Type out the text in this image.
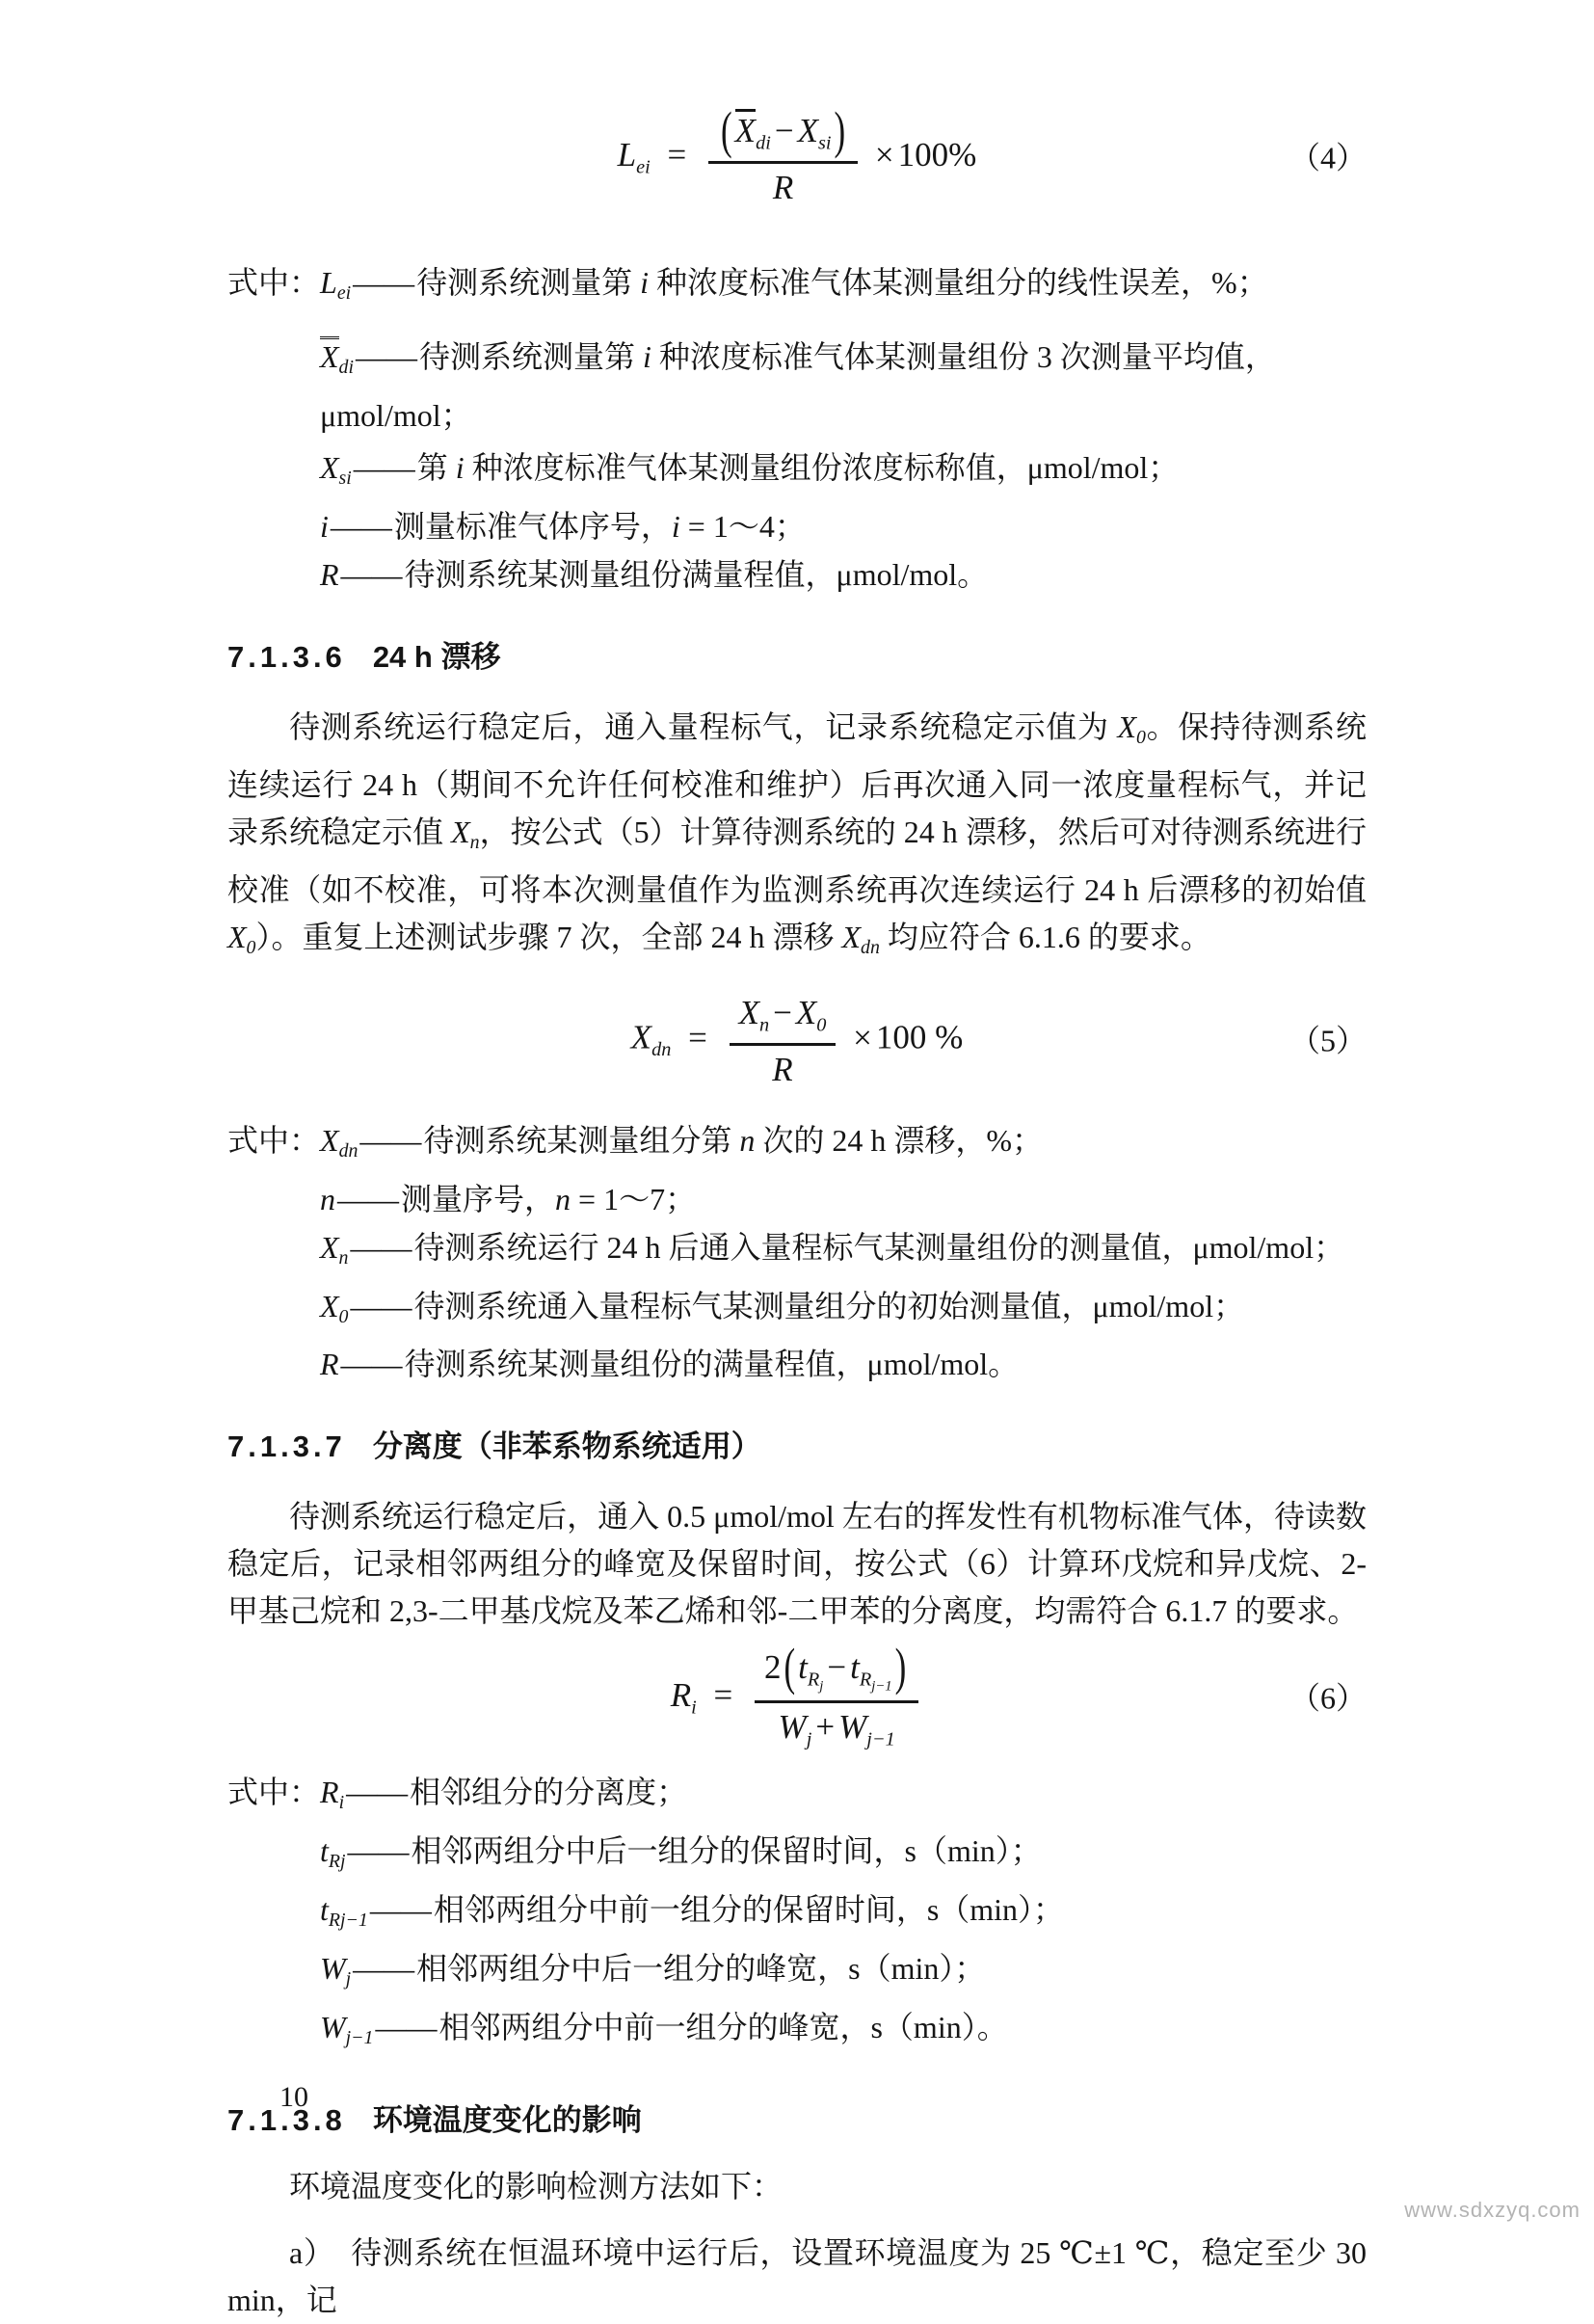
$L_{ei} = \frac{(X_{di} - X_{si})}{R} \times 100\%$	（4）
式中：$L_{ei}——$待测系统测量第 i 种浓度标准气体某测量组分的线性误差，%；
$X_{di}——$待测系统测量第 i 种浓度标准气体某测量组份 3 次测量平均值，μmol/mol；
$X_{si}——$第 i 种浓度标准气体某测量组份浓度标称值，μmol/mol；
i——测量标准气体序号，i = 1～4；
R——待测系统某测量组份满量程值，μmol/mol。
7.1.3.6 24 h 漂移

待测系统运行稳定后，通入量程标气，记录系统稳定示值为 $X_0$。保持待测系统连续运行 24 h（期间不允许任何校准和维护）后再次通入同一浓度量程标气，并记录系统稳定示值 $X_n$，按公式（5）计算待测系统的 24 h 漂移，然后可对待测系统进行校准（如不校准，可将本次测量值作为监测系统再次连续运行 24 h 后漂移的初始值 $X_0$）。重复上述测试步骤 7 次，全部 24 h 漂移 $X_{dn}$ 均应符合 6.1.6 的要求。

$X_{dn} = \frac{X_n - X_0}{R} \times 100$ %	（5）
式中：$X_{dn}——$待测系统某测量组分第 n 次的 24 h 漂移，%；
n——测量序号，n = 1～7；
$X_n——$待测系统运行 24 h 后通入量程标气某测量组份的测量值，μmol/mol；
$X_0——$待测系统通入量程标气某测量组分的初始测量值，μmol/mol；
R——待测系统某测量组份的满量程值，μmol/mol。
7.1.3.7 分离度（非苯系物系统适用）

待测系统运行稳定后，通入 0.5 μmol/mol 左右的挥发性有机物标准气体，待读数稳定后，记录相邻两组分的峰宽及保留时间，按公式（6）计算环戊烷和异戊烷、2-甲基己烷和 2,3-二甲基戊烷及苯乙烯和邻-二甲苯的分离度，均需符合 6.1.7 的要求。

$R_i = \frac{2(t_{Rj}- t_{Rj-1})}{W_j + W_{j-1}}$	（6）
式中：$R_i——$相邻组分的分离度；
$t_{Rj}——$相邻两组分中后一组分的保留时间，s（min）；
$t_{Rj-1}——$相邻两组分中前一组分的保留时间，s（min）；
$W_j——$相邻两组分中后一组分的峰宽，s（min）；
$W_{j-1}——$相邻两组分中前一组分的峰宽，s（min）。
7.1.3.8 环境温度变化的影响

环境温度变化的影响检测方法如下：

a）　待测系统在恒温环境中运行后，设置环境温度为 25 ℃±1 ℃，稳定至少 30 min，记

10
www.sdxzyq.com
